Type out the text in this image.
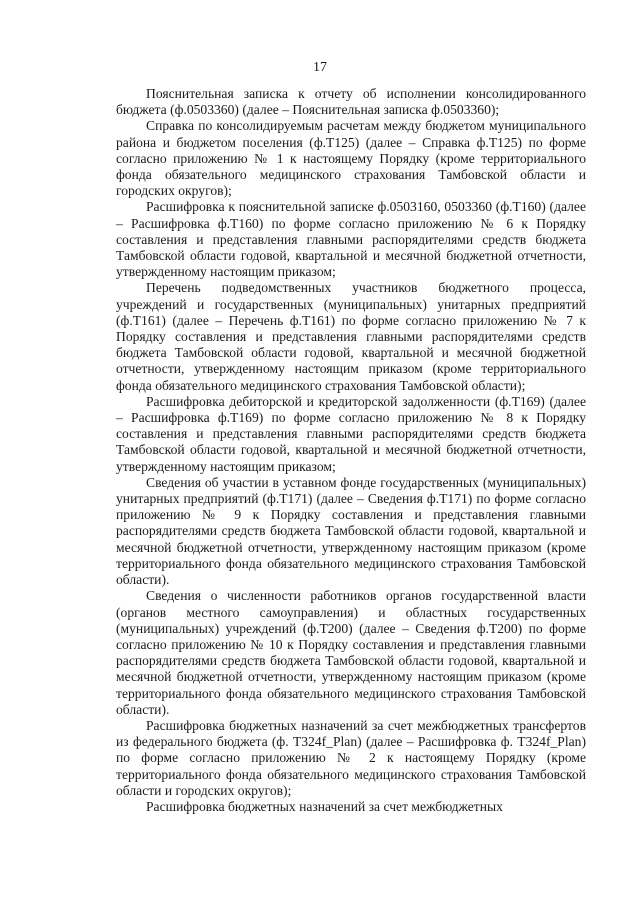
17

Пояснительная записка к отчету об исполнении консолидированного бюджета (ф.0503360) (далее – Пояснительная записка ф.0503360);

Справка по консолидируемым расчетам между бюджетом муниципального района и бюджетом поселения (ф.Т125) (далее – Справка ф.Т125) по форме согласно приложению № 1 к настоящему Порядку (кроме территориального фонда обязательного медицинского страхования Тамбовской области и городских округов);

Расшифровка к пояснительной записке ф.0503160, 0503360 (ф.Т160) (далее – Расшифровка ф.Т160) по форме согласно приложению № 6 к Порядку составления и представления главными распорядителями средств бюджета Тамбовской области годовой, квартальной и месячной бюджетной отчетности, утвержденному настоящим приказом;

Перечень подведомственных участников бюджетного процесса, учреждений и государственных (муниципальных) унитарных предприятий (ф.Т161) (далее – Перечень ф.Т161) по форме согласно приложению № 7 к Порядку составления и представления главными распорядителями средств бюджета Тамбовской области годовой, квартальной и месячной бюджетной отчетности, утвержденному настоящим приказом (кроме территориального фонда обязательного медицинского страхования Тамбовской области);

Расшифровка дебиторской и кредиторской задолженности (ф.Т169) (далее – Расшифровка ф.Т169) по форме согласно приложению № 8 к Порядку составления и представления главными распорядителями средств бюджета Тамбовской области годовой, квартальной и месячной бюджетной отчетности, утвержденному настоящим приказом;

Сведения об участии в уставном фонде государственных (муниципальных) унитарных предприятий (ф.Т171) (далее – Сведения ф.Т171) по форме согласно приложению № 9 к Порядку составления и представления главными распорядителями средств бюджета Тамбовской области годовой, квартальной и месячной бюджетной отчетности, утвержденному настоящим приказом (кроме территориального фонда обязательного медицинского страхования Тамбовской области).

Сведения о численности работников органов государственной власти (органов местного самоуправления) и областных государственных (муниципальных) учреждений (ф.Т200) (далее – Сведения ф.Т200) по форме согласно приложению № 10 к Порядку составления и представления главными распорядителями средств бюджета Тамбовской области годовой, квартальной и месячной бюджетной отчетности, утвержденному настоящим приказом (кроме территориального фонда обязательного медицинского страхования Тамбовской области).

Расшифровка бюджетных назначений за счет межбюджетных трансфертов из федерального бюджета (ф. Т324f_Plan) (далее – Расшифровка ф. Т324f_Plan) по форме согласно приложению № 2 к настоящему Порядку (кроме территориального фонда обязательного медицинского страхования Тамбовской области и городских округов);

Расшифровка бюджетных назначений за счет межбюджетных
